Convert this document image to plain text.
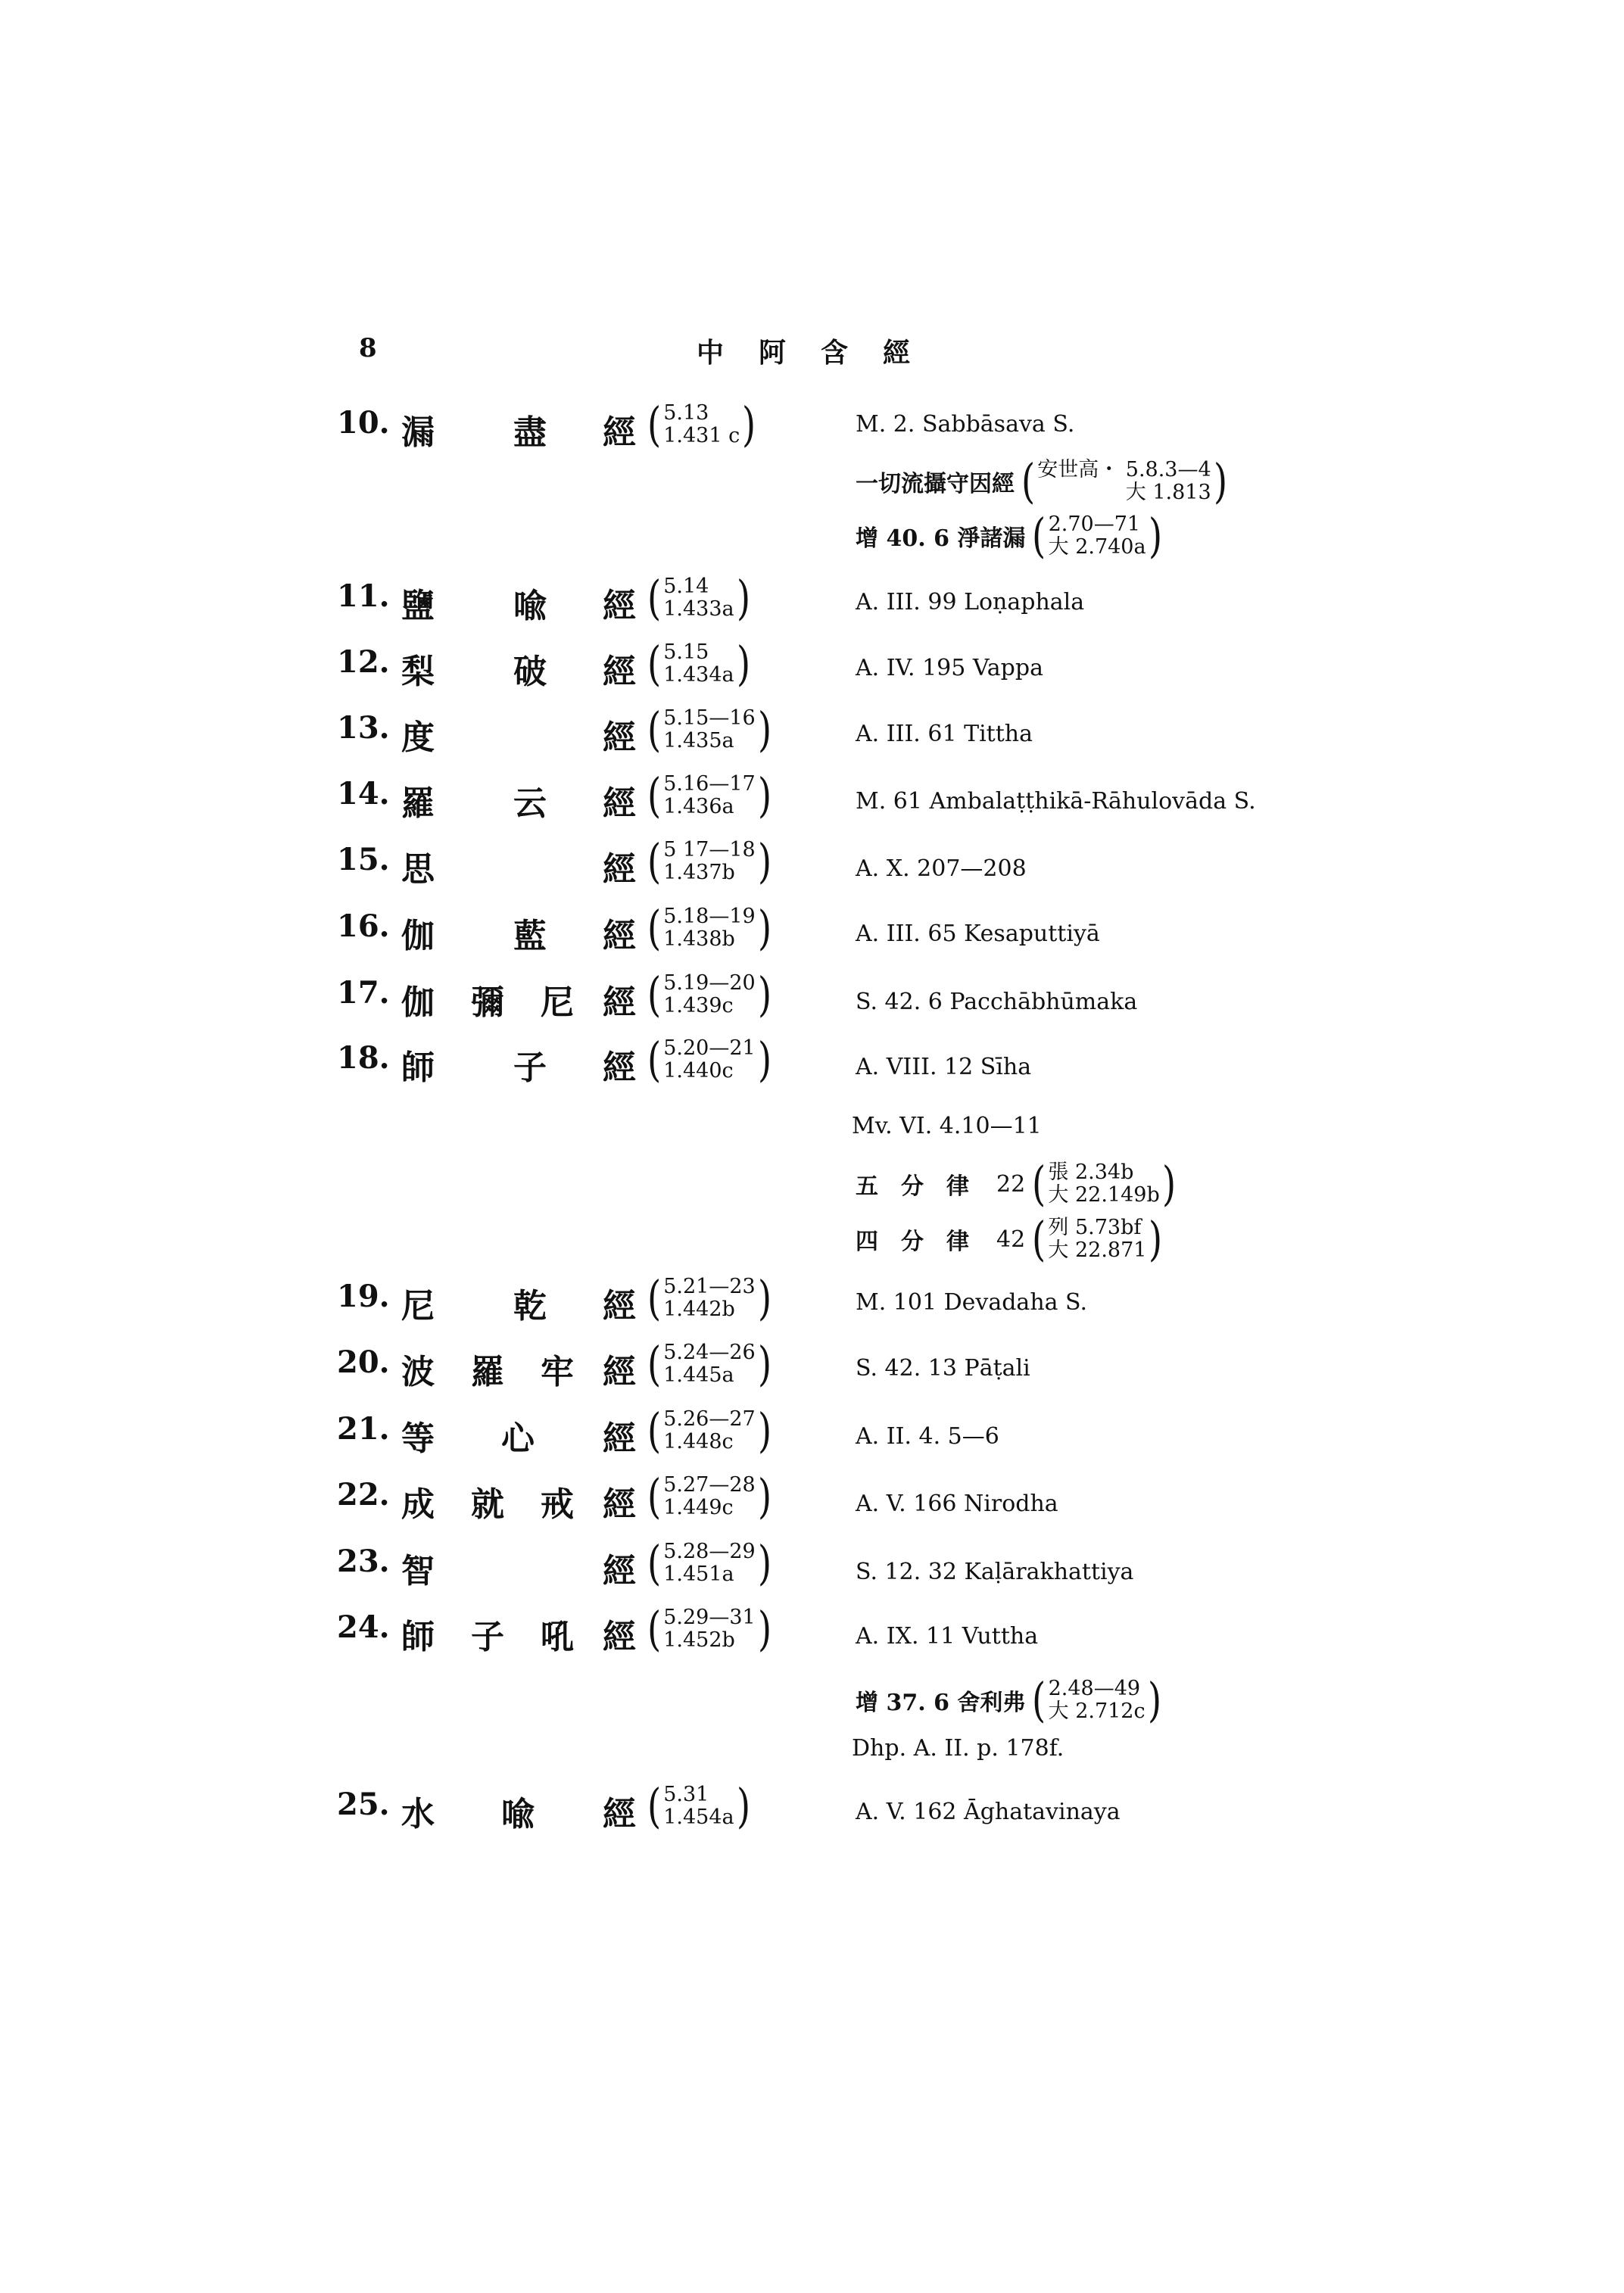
8	中 阿 含 經
10. 漏 盡 經 ( 5.13
1.431 c )	M. 2. Sabbāsava S.
一切流攝守因經 ( 安世高・ 5.8.3—4
大 1.813 )
增 40. 6 淨諸漏 ( 2.70—71
大 2.740a )
11. 鹽 喩 經 ( 5.14
1.433a )	A. III. 99 Loṇaphala
12. 梨 破 經 ( 5.15
1.434a )	A. IV. 195 Vappa
13. 度	經 ( 5.15—16
1.435a )	A. III. 61 Tittha
14. 羅 云 經 ( 5.16—17
1.436a )	M. 61 Ambalaṭṭhikā-Rāhulovāda S.
15. 思	經 ( 5 17—18
1.437b )	A. X. 207—208
16. 伽 藍 經 ( 5.18—19
1.438b )	A. III. 65 Kesaputtiyā
17. 伽 彌 尼 經 ( 5.19—20
1.439c )	S. 42. 6 Pacchābhūmaka
18. 師 子 經 ( 5.20—21
1.440c )	A. VIII. 12 Sīha
Mv. VI. 4.10—11
五 分 律	22 ( 張 2.34b
大 22.149b )
四 分 律	42 ( 列 5.73bf
大 22.871 )
19. 尼 乾 經 ( 5.21—23
1.442b )	M. 101 Devadaha S.
20. 波 羅 牢 經 ( 5.24—26
1.445a )	S. 42. 13 Pāṭali
21. 等 心 經 ( 5.26—27
1.448c )	A. II. 4. 5—6
22. 成 就 戒 經 ( 5.27—28
1.449c )	A. V. 166 Nirodha
23. 智	經 ( 5.28—29
1.451a )	S. 12. 32 Kaḷārakhattiya
24. 師 子 吼 經 ( 5.29—31
1.452b )	A. IX. 11 Vuttha
增 37. 6 舍利弗 ( 2.48—49
大 2.712c )
Dhp. A. II. p. 178f.
25. 水 喩 經 ( 5.31
1.454a )	A. V. 162 Āghatavinaya
